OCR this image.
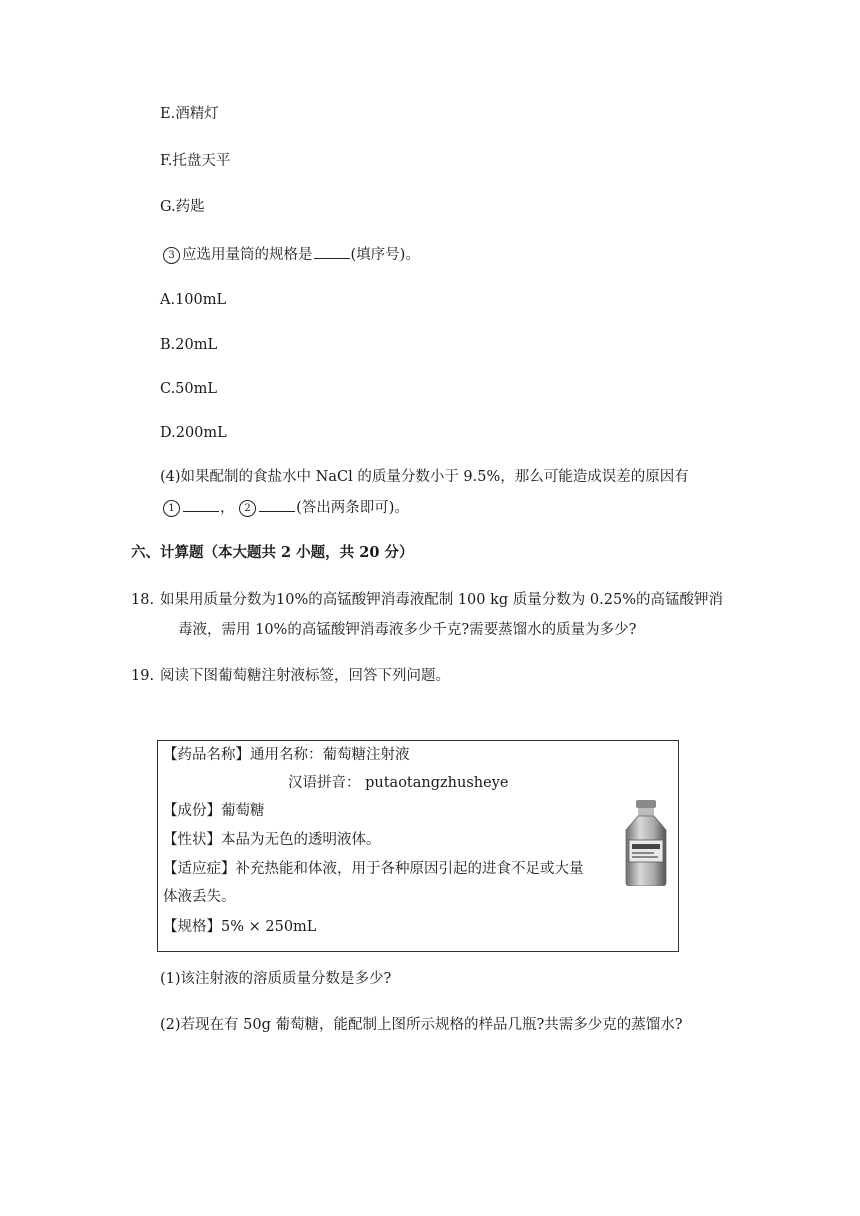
E.酒精灯
F.托盘天平
G.药匙
3 应选用量筒的规格是	(填序号)。
A.100mL
B.20mL
C.50mL
D.200mL
(4)如果配制的食盐水中 NaCl 的质量分数小于 9.5%，那么可能造成误差的原因有
1	， 2	(答出两条即可)。
六、计算题（本大题共 2 小题，共 20 分）
18. 如果用质量分数为10%的高锰酸钾消毒液配制 100 kg 质量分数为 0.25%的高锰酸钾消
毒液，需用 10%的高锰酸钾消毒液多少千克?需要蒸馏水的质量为多少?
19. 阅读下图葡萄糖注射液标签，回答下列问题。
【药品名称】通用名称：葡萄糖注射液
汉语拼音： putaotangzhusheye
【成份】葡萄糖
【性状】本品为无色的透明液体。
【适应症】补充热能和体液，用于各种原因引起的进食不足或大量
体液丢失。
【规格】5% × 250mL
(1)该注射液的溶质质量分数是多少?
(2)若现在有 50g 葡萄糖，能配制上图所示规格的样品几瓶?共需多少克的蒸馏水?
